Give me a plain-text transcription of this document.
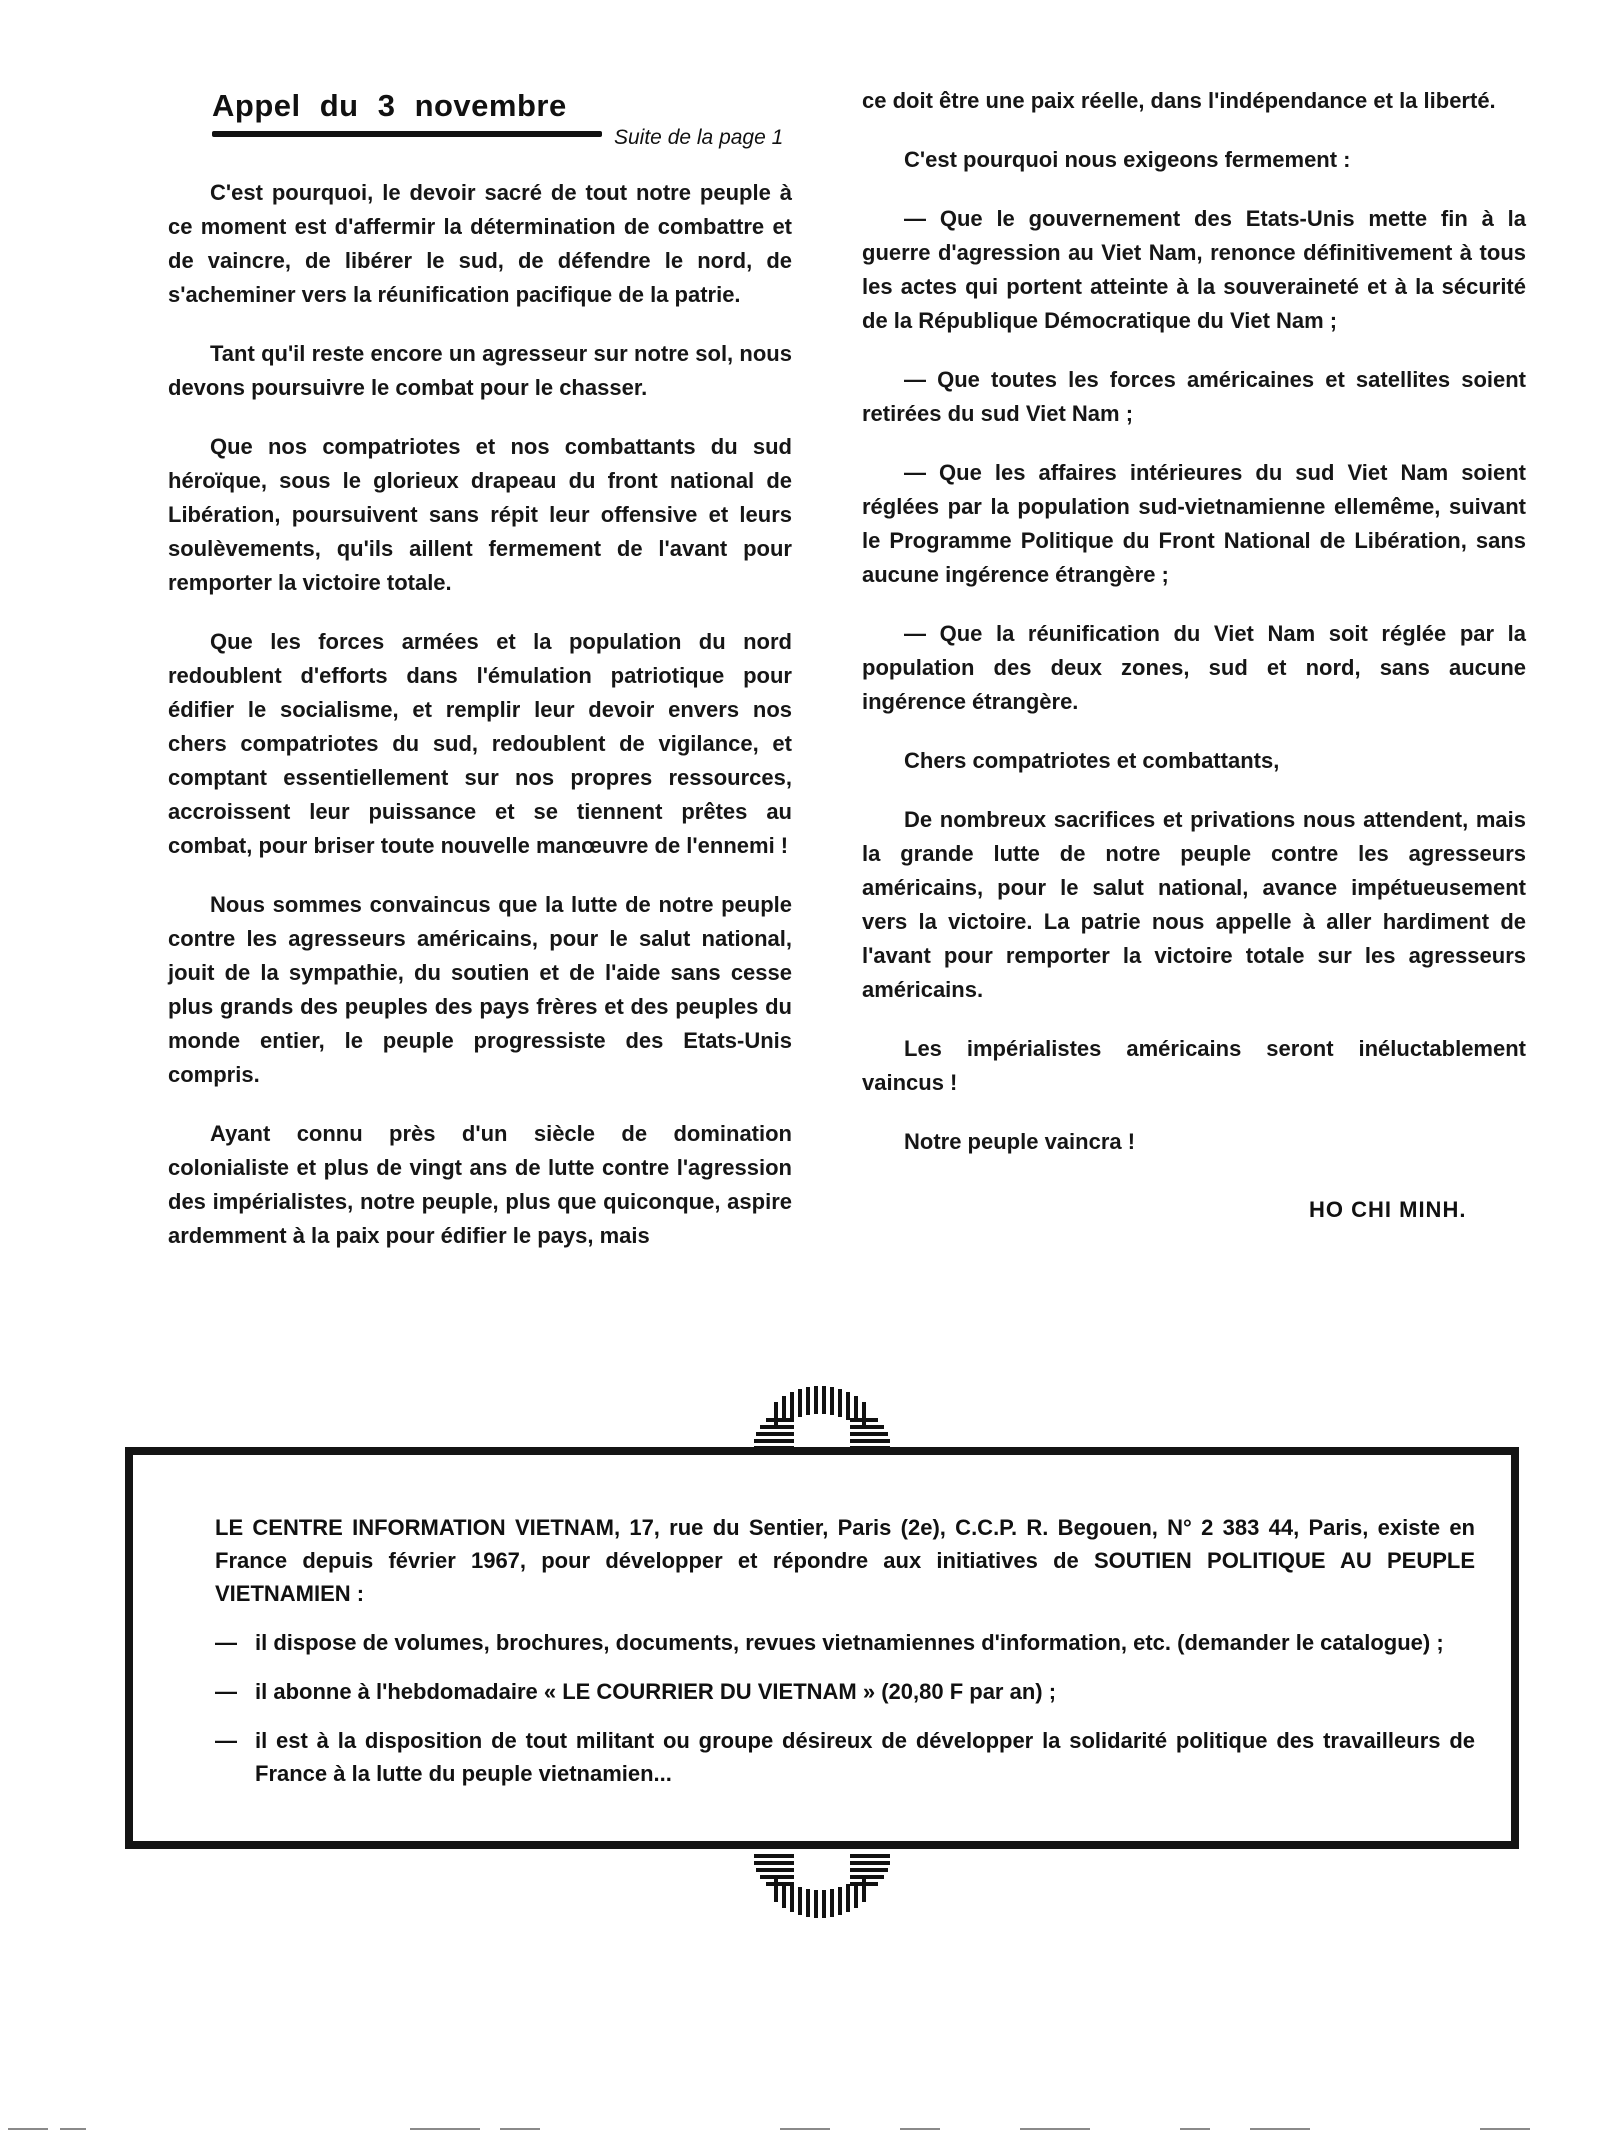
Appel du 3 novembre
Suite de la page 1

C'est pourquoi, le devoir sacré de tout notre peuple à ce moment est d'affermir la détermination de combattre et de vaincre, de libérer le sud, de défendre le nord, de s'acheminer vers la réunification pacifique de la patrie.

Tant qu'il reste encore un agresseur sur notre sol, nous devons poursuivre le combat pour le chasser.

Que nos compatriotes et nos combattants du sud héroïque, sous le glorieux drapeau du front national de Libération, poursuivent sans répit leur offensive et leurs soulèvements, qu'ils aillent fermement de l'avant pour remporter la victoire totale.

Que les forces armées et la population du nord redoublent d'efforts dans l'émulation patriotique pour édifier le socialisme, et remplir leur devoir envers nos chers compatriotes du sud, redoublent de vigilance, et comptant essentiellement sur nos propres ressources, accroissent leur puissance et se tiennent prêtes au combat, pour briser toute nouvelle manœuvre de l'ennemi !

Nous sommes convaincus que la lutte de notre peuple contre les agresseurs américains, pour le salut national, jouit de la sympathie, du soutien et de l'aide sans cesse plus grands des peuples des pays frères et des peuples du monde entier, le peuple progressiste des Etats-Unis compris.

Ayant connu près d'un siècle de domination colonialiste et plus de vingt ans de lutte contre l'agression des impérialistes, notre peuple, plus que quiconque, aspire ardemment à la paix pour édifier le pays, mais

ce doit être une paix réelle, dans l'indépendance et la liberté.

C'est pourquoi nous exigeons fermement :

— Que le gouvernement des Etats-Unis mette fin à la guerre d'agression au Viet Nam, renonce définitivement à tous les actes qui portent atteinte à la souveraineté et à la sécurité de la République Démocratique du Viet Nam ;

— Que toutes les forces américaines et satellites soient retirées du sud Viet Nam ;

— Que les affaires intérieures du sud Viet Nam soient réglées par la population sud-vietnamienne ellemême, suivant le Programme Politique du Front National de Libération, sans aucune ingérence étrangère ;

— Que la réunification du Viet Nam soit réglée par la population des deux zones, sud et nord, sans aucune ingérence étrangère.

Chers compatriotes et combattants,

De nombreux sacrifices et privations nous attendent, mais la grande lutte de notre peuple contre les agresseurs américains, pour le salut national, avance impétueusement vers la victoire. La patrie nous appelle à aller hardiment de l'avant pour remporter la victoire totale sur les agresseurs américains.

Les impérialistes américains seront inéluctablement vaincus !

Notre peuple vaincra !

HO CHI MINH.

LE CENTRE INFORMATION VIETNAM, 17, rue du Sentier, Paris (2e), C.C.P. R. Begouen, N° 2 383 44, Paris, existe en France depuis février 1967, pour développer et répondre aux initiatives de SOUTIEN POLITIQUE AU PEUPLE VIETNAMIEN :

— il dispose de volumes, brochures, documents, revues vietnamiennes d'information, etc. (demander le catalogue) ;

— il abonne à l'hebdomadaire « LE COURRIER DU VIETNAM » (20,80 F par an) ;

— il est à la disposition de tout militant ou groupe désireux de développer la solidarité politique des travailleurs de France à la lutte du peuple vietnamien...
